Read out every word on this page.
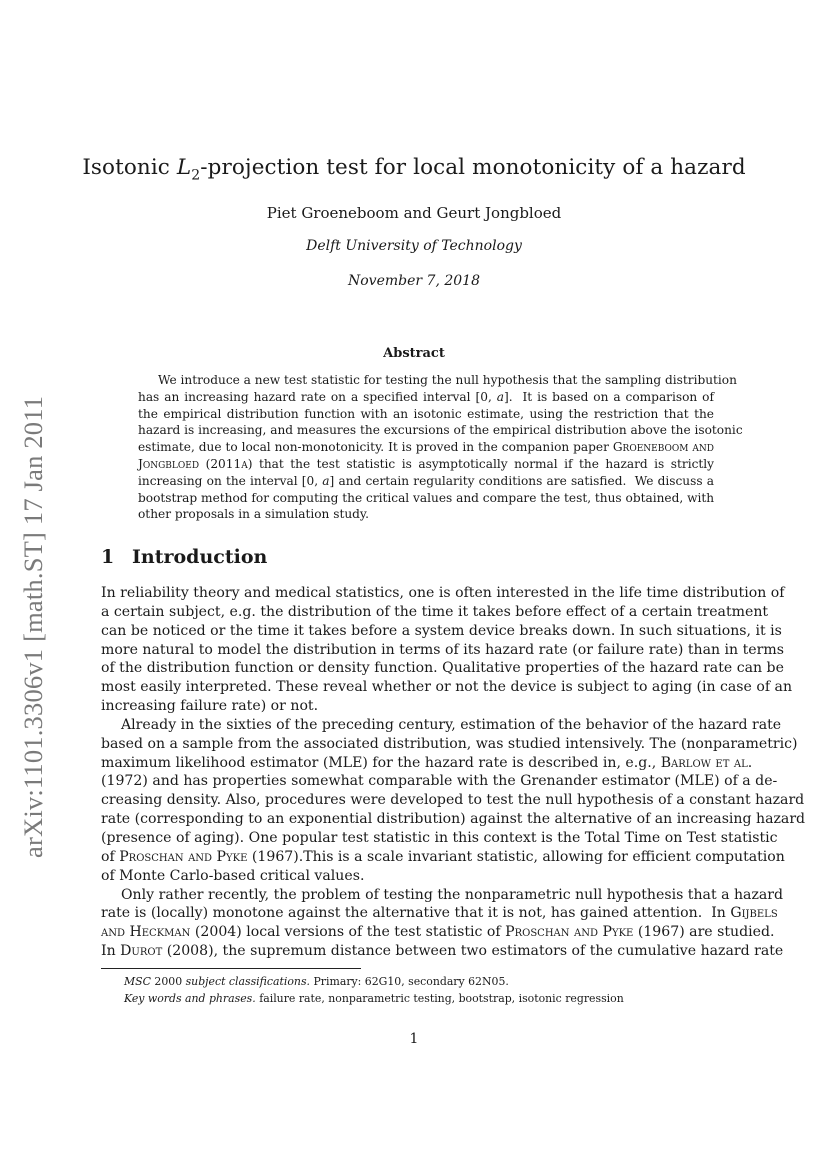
arXiv:1101.3306v1 [math.ST] 17 Jan 2011
Isotonic $L_2$-projection test for local monotonicity of a hazard
Piet Groeneboom and Geurt Jongbloed
Delft University of Technology
November 7, 2018
Abstract
We introduce a new test statistic for testing the null hypothesis that the sampling distribution
has an increasing hazard rate on a specified interval [0, a].  It is based on a comparison of
the empirical distribution function with an isotonic estimate, using the restriction that the
hazard is increasing, and measures the excursions of the empirical distribution above the isotonic
estimate, due to local non-monotonicity. It is proved in the companion paper Groeneboom and
Jongbloed (2011a) that the test statistic is asymptotically normal if the hazard is strictly
increasing on the interval [0, a] and certain regularity conditions are satisfied.  We discuss a
bootstrap method for computing the critical values and compare the test, thus obtained, with
other proposals in a simulation study.
1 Introduction
In reliability theory and medical statistics, one is often interested in the life time distribution of
a certain subject, e.g. the distribution of the time it takes before effect of a certain treatment
can be noticed or the time it takes before a system device breaks down. In such situations, it is
more natural to model the distribution in terms of its hazard rate (or failure rate) than in terms
of the distribution function or density function. Qualitative properties of the hazard rate can be
most easily interpreted. These reveal whether or not the device is subject to aging (in case of an
increasing failure rate) or not.
Already in the sixties of the preceding century, estimation of the behavior of the hazard rate
based on a sample from the associated distribution, was studied intensively. The (nonparametric)
maximum likelihood estimator (MLE) for the hazard rate is described in, e.g., Barlow et al.
(1972) and has properties somewhat comparable with the Grenander estimator (MLE) of a de-
creasing density. Also, procedures were developed to test the null hypothesis of a constant hazard
rate (corresponding to an exponential distribution) against the alternative of an increasing hazard
(presence of aging). One popular test statistic in this context is the Total Time on Test statistic
of Proschan and Pyke (1967).This is a scale invariant statistic, allowing for efficient computation
of Monte Carlo-based critical values.
Only rather recently, the problem of testing the nonparametric null hypothesis that a hazard
rate is (locally) monotone against the alternative that it is not, has gained attention.  In Gijbels
and Heckman (2004) local versions of the test statistic of Proschan and Pyke (1967) are studied.
In Durot (2008), the supremum distance between two estimators of the cumulative hazard rate
MSC 2000 subject classifications. Primary: 62G10, secondary 62N05.
Key words and phrases. failure rate, nonparametric testing, bootstrap, isotonic regression
1
